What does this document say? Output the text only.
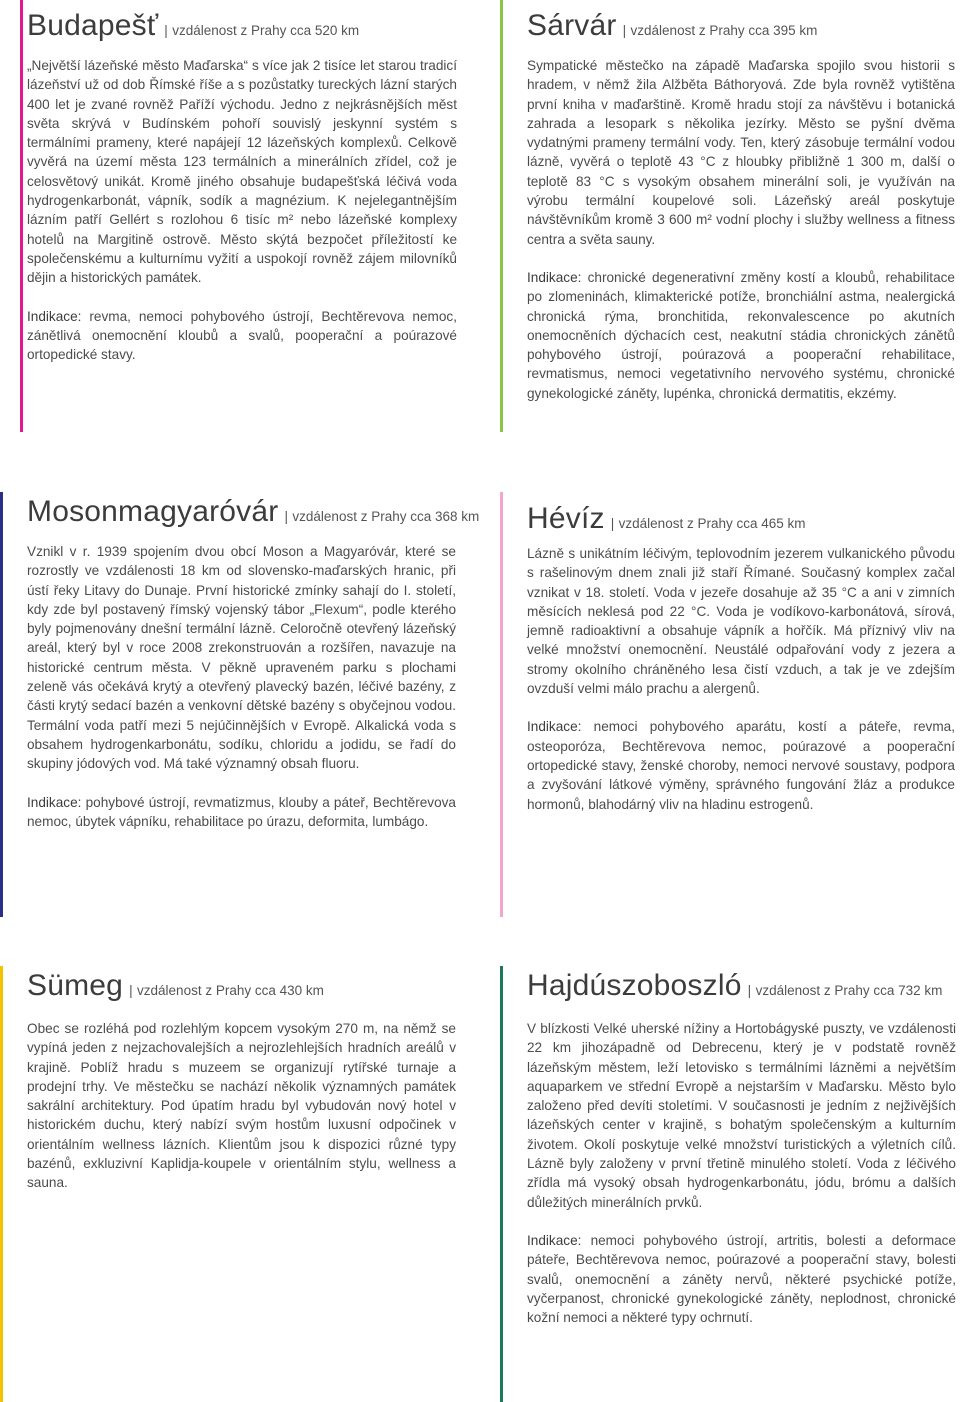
Budapešť | vzdálenost z Prahy cca 520 km

„Největší lázeňské město Maďarska“ s více jak 2 tisíce let starou tradicí lázeňství už od dob Římské říše a s pozůstatky tureckých lázní starých 400 let je zvané rovněž Paříží východu. Jedno z nejkrásnějších měst světa skrývá v Budínském pohoří souvislý jeskynní systém s termálními prameny, které napájejí 12 lázeňských komplexů. Celkově vyvěrá na území města 123 termálních a minerálních zřídel, což je celosvětový unikát. Kromě jiného obsahuje budapešťská léčivá voda hydrogenkarbonát, vápník, sodík a magnézium. K nejelegantnějším lázním patří Gellért s rozlohou 6 tisíc m² nebo lázeňské komplexy hotelů na Margitině ostrově. Město skýtá bezpočet příležitostí ke společenskému a kulturnímu vyžití a uspokojí rovněž zájem milovníků dějin a historických památek.

Indikace: revma, nemoci pohybového ústrojí, Bechtěrevova nemoc, zánětlivá onemocnění kloubů a svalů, pooperační a poúrazové ortopedické stavy.

Sárvár | vzdálenost z Prahy cca 395 km

Sympatické městečko na západě Maďarska spojilo svou historii s hradem, v němž žila Alžběta Báthoryová. Zde byla rovněž vytištěna první kniha v maďarštině. Kromě hradu stojí za návštěvu i botanická zahrada a lesopark s několika jezírky. Město se pyšní dvěma vydatnými prameny termální vody. Ten, který zásobuje termální vodou lázně, vyvěrá o teplotě 43 °C z hloubky přibližně 1 300 m, další o teplotě 83 °C s vysokým obsahem minerální soli, je využíván na výrobu termální koupelové soli. Lázeňský areál poskytuje návštěvníkům kromě 3 600 m² vodní plochy i služby wellness a fitness centra a světa sauny.

Indikace: chronické degenerativní změny kostí a kloubů, rehabilitace po zlomeninách, klimakterické potíže, bronchiální astma, nealergická chronická rýma, bronchitida, rekonvalescence po akutních onemocněních dýchacích cest, neakutní stádia chronických zánětů pohybového ústrojí, poúrazová a pooperační rehabilitace, revmatismus, nemoci vegetativního nervového systému, chronické gynekologické záněty, lupénka, chronická dermatitis, ekzémy.

Mosonmagyaróvár | vzdálenost z Prahy cca 368 km

Vznikl v r. 1939 spojením dvou obcí Moson a Magyaróvár, které se rozrostly ve vzdálenosti 18 km od slovensko-maďarských hranic, při ústí řeky Litavy do Dunaje. První historické zmínky sahají do I. století, kdy zde byl postavený římský vojenský tábor „Flexum“, podle kterého byly pojmenovány dnešní termální lázně. Celoročně otevřený lázeňský areál, který byl v roce 2008 zrekonstruován a rozšířen, navazuje na historické centrum města. V pěkně upraveném parku s plochami zeleně vás očekává krytý a otevřený plavecký bazén, léčivé bazény, z části krytý sedací bazén a venkovní dětské bazény s obyčejnou vodou. Termální voda patří mezi 5 nejúčinnějších v Evropě. Alkalická voda s obsahem hydrogenkarbonátu, sodíku, chloridu a jodidu, se řadí do skupiny jódových vod. Má také významný obsah fluoru.

Indikace: pohybové ústrojí, revmatizmus, klouby a páteř, Bechtěrevova nemoc, úbytek vápníku, rehabilitace po úrazu, deformita, lumbágo.

Hévíz | vzdálenost z Prahy cca 465 km

Lázně s unikátním léčivým, teplovodním jezerem vulkanického původu s rašelinovým dnem znali již staří Římané. Současný komplex začal vznikat v 18. století. Voda v jezeře dosahuje až 35 °C a ani v zimních měsících neklesá pod 22 °C. Voda je vodíkovo-karbonátová, sírová, jemně radioaktivní a obsahuje vápník a hořčík. Má příznivý vliv na velké množství onemocnění. Neustálé odpařování vody z jezera a stromy okolního chráněného lesa čistí vzduch, a tak je ve zdejším ovzduší velmi málo prachu a alergenů.

Indikace: nemoci pohybového aparátu, kostí a páteře, revma, osteoporóza, Bechtěrevova nemoc, poúrazové a pooperační ortopedické stavy, ženské choroby, nemoci nervové soustavy, podpora a zvyšování látkové výměny, správného fungování žláz a produkce hormonů, blahodárný vliv na hladinu estrogenů.

Sümeg | vzdálenost z Prahy cca 430 km

Obec se rozléhá pod rozlehlým kopcem vysokým 270 m, na němž se vypíná jeden z nejzachovalejších a nejrozlehlejších hradních areálů v krajině. Poblíž hradu s muzeem se organizují rytířské turnaje a prodejní trhy. Ve městečku se nachází několik významných památek sakrální architektury. Pod úpatím hradu byl vybudován nový hotel v historickém duchu, který nabízí svým hostům luxusní odpočinek v orientálním wellness lázních. Klientům jsou k dispozici různé typy bazénů, exkluzivní Kaplidja-koupele v orientálním stylu, wellness a sauna.

Hajdúszoboszló | vzdálenost z Prahy cca 732 km

V blízkosti Velké uherské nížiny a Hortobágyské puszty, ve vzdálenosti 22 km jihozápadně od Debrecenu, který je v podstatě rovněž lázeňským městem, leží letovisko s termálními lázněmi a největším aquaparkem ve střední Evropě a nejstarším v Maďarsku. Město bylo založeno před devíti stoletími. V současnosti je jedním z nejživějších lázeňských center v krajině, s bohatým společenským a kulturním životem. Okolí poskytuje velké množství turistických a výletních cílů. Lázně byly založeny v první třetině minulého století. Voda z léčivého zřídla má vysoký obsah hydrogenkarbonátu, jódu, brómu a dalších důležitých minerálních prvků.

Indikace: nemoci pohybového ústrojí, artritis, bolesti a deformace páteře, Bechtěrevova nemoc, poúrazové a pooperační stavy, bolesti svalů, onemocnění a záněty nervů, některé psychické potíže, vyčerpanost, chronické gynekologické záněty, neplodnost, chronické kožní nemoci a některé typy ochrnutí.
